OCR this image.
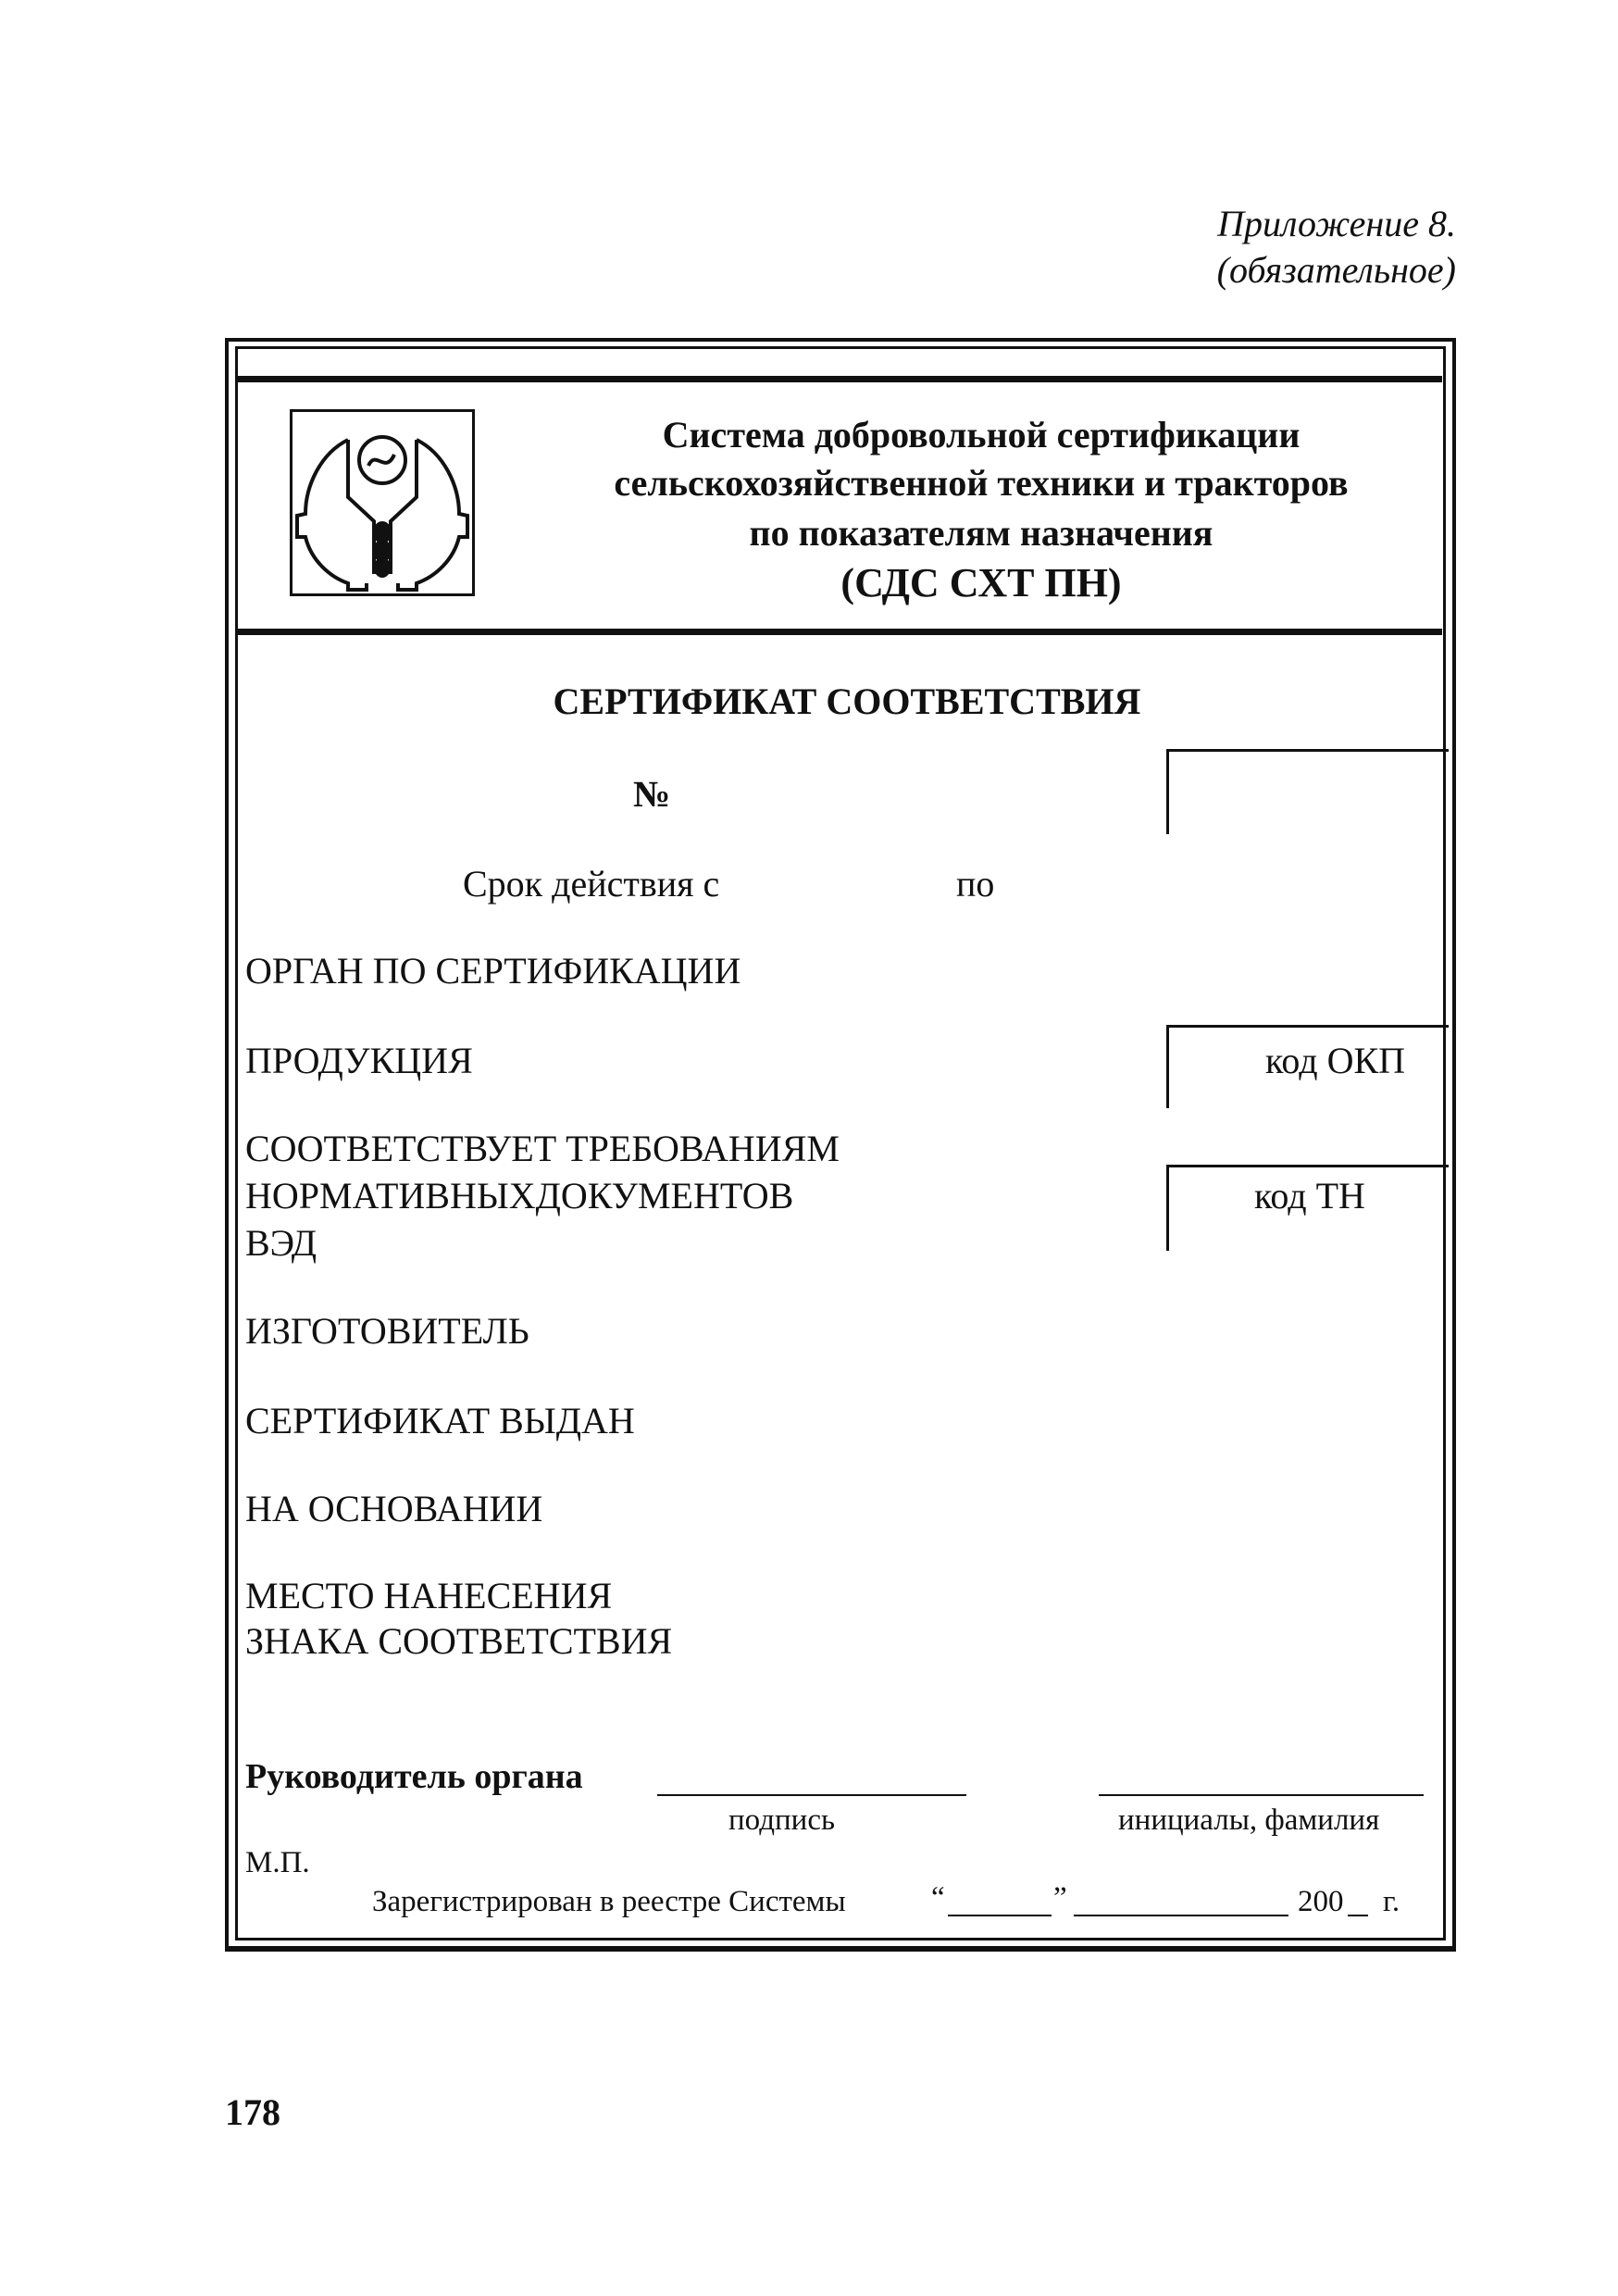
Приложение 8.
(обязательное)
Система добровольной сертификации
сельскохозяйственной техники и тракторов
по показателям назначения
(СДС СХТ ПН)
СЕРТИФИКАТ СООТВЕТСТВИЯ
№
Срок действия с	по
ОРГАН ПО СЕРТИФИКАЦИИ
ПРОДУКЦИЯ	код ОКП
СООТВЕТСТВУЕТ ТРЕБОВАНИЯМ
НОРМАТИВНЫХДОКУМЕНТОВ
ВЭД
код ТН
ИЗГОТОВИТЕЛЬ
СЕРТИФИКАТ ВЫДАН
НА ОСНОВАНИИ
МЕСТО НАНЕСЕНИЯ
ЗНАКА СООТВЕТСТВИЯ
Руководитель органа
подпись	инициалы, фамилия
М.П.
Зарегистрирован в реестре Системы	“	”	200 г.
178
